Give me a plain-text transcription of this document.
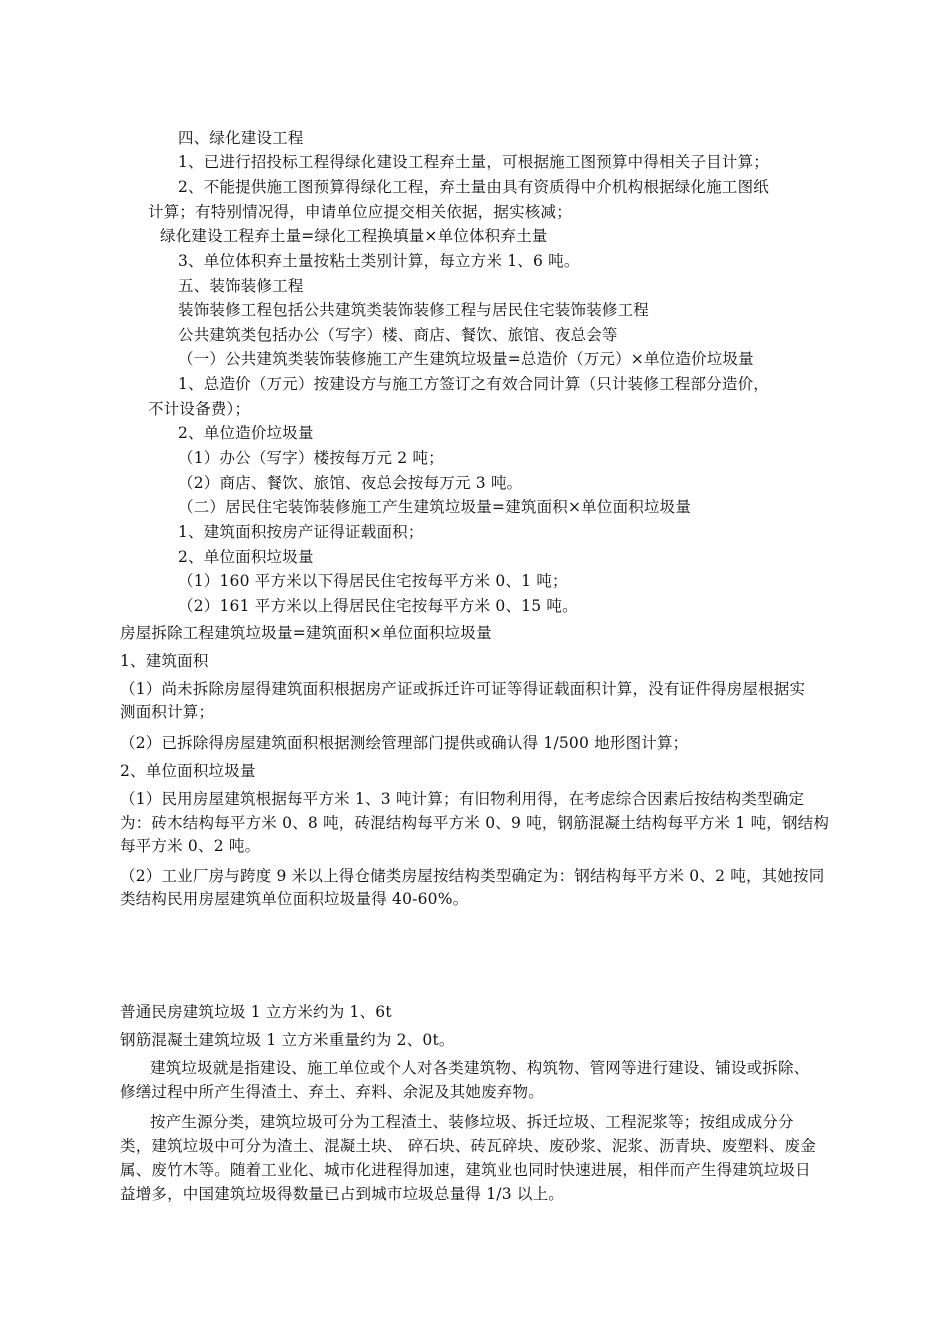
四、绿化建设工程
1、已进行招投标工程得绿化建设工程弃土量，可根据施工图预算中得相关子目计算；
2、不能提供施工图预算得绿化工程，弃土量由具有资质得中介机构根据绿化施工图纸
计算；有特别情况得，申请单位应提交相关依据，据实核减；
绿化建设工程弃土量=绿化工程换填量×单位体积弃土量
3、单位体积弃土量按粘土类别计算，每立方米 1、6 吨。
五、装饰装修工程
装饰装修工程包括公共建筑类装饰装修工程与居民住宅装饰装修工程
公共建筑类包括办公（写字）楼、商店、餐饮、旅馆、夜总会等
（一）公共建筑类装饰装修施工产生建筑垃圾量=总造价（万元）×单位造价垃圾量
1、总造价（万元）按建设方与施工方签订之有效合同计算（只计装修工程部分造价，
不计设备费）；
2、单位造价垃圾量
（1）办公（写字）楼按每万元 2 吨；
（2）商店、餐饮、旅馆、夜总会按每万元 3 吨。
（二）居民住宅装饰装修施工产生建筑垃圾量=建筑面积×单位面积垃圾量
1、建筑面积按房产证得证载面积；
2、单位面积垃圾量
（1）160 平方米以下得居民住宅按每平方米 0、1 吨；
（2）161 平方米以上得居民住宅按每平方米 0、15 吨。
房屋拆除工程建筑垃圾量=建筑面积×单位面积垃圾量
1、建筑面积
（1）尚未拆除房屋得建筑面积根据房产证或拆迁许可证等得证载面积计算，没有证件得房屋根据实
测面积计算；
（2）已拆除得房屋建筑面积根据测绘管理部门提供或确认得 1/500 地形图计算；
2、单位面积垃圾量
（1）民用房屋建筑根据每平方米 1、3 吨计算；有旧物利用得，在考虑综合因素后按结构类型确定
为：砖木结构每平方米 0、8 吨，砖混结构每平方米 0、9 吨，钢筋混凝土结构每平方米 1 吨，钢结构
每平方米 0、2 吨。
（2）工业厂房与跨度 9 米以上得仓储类房屋按结构类型确定为：钢结构每平方米 0、2 吨，其她按同
类结构民用房屋建筑单位面积垃圾量得 40-60%。
普通民房建筑垃圾 1 立方米约为 1、6t
钢筋混凝土建筑垃圾 1 立方米重量约为 2、0t。
建筑垃圾就是指建设、施工单位或个人对各类建筑物、构筑物、管网等进行建设、铺设或拆除、
修缮过程中所产生得渣土、弃土、弃料、余泥及其她废弃物。
按产生源分类，建筑垃圾可分为工程渣土、装修垃圾、拆迁垃圾、工程泥浆等；按组成成分分
类，建筑垃圾中可分为渣土、混凝土块、 碎石块、砖瓦碎块、废砂浆、泥浆、沥青块、废塑料、废金
属、废竹木等。随着工业化、城市化进程得加速，建筑业也同时快速进展，相伴而产生得建筑垃圾日
益增多，中国建筑垃圾得数量已占到城市垃圾总量得 1/3 以上。
